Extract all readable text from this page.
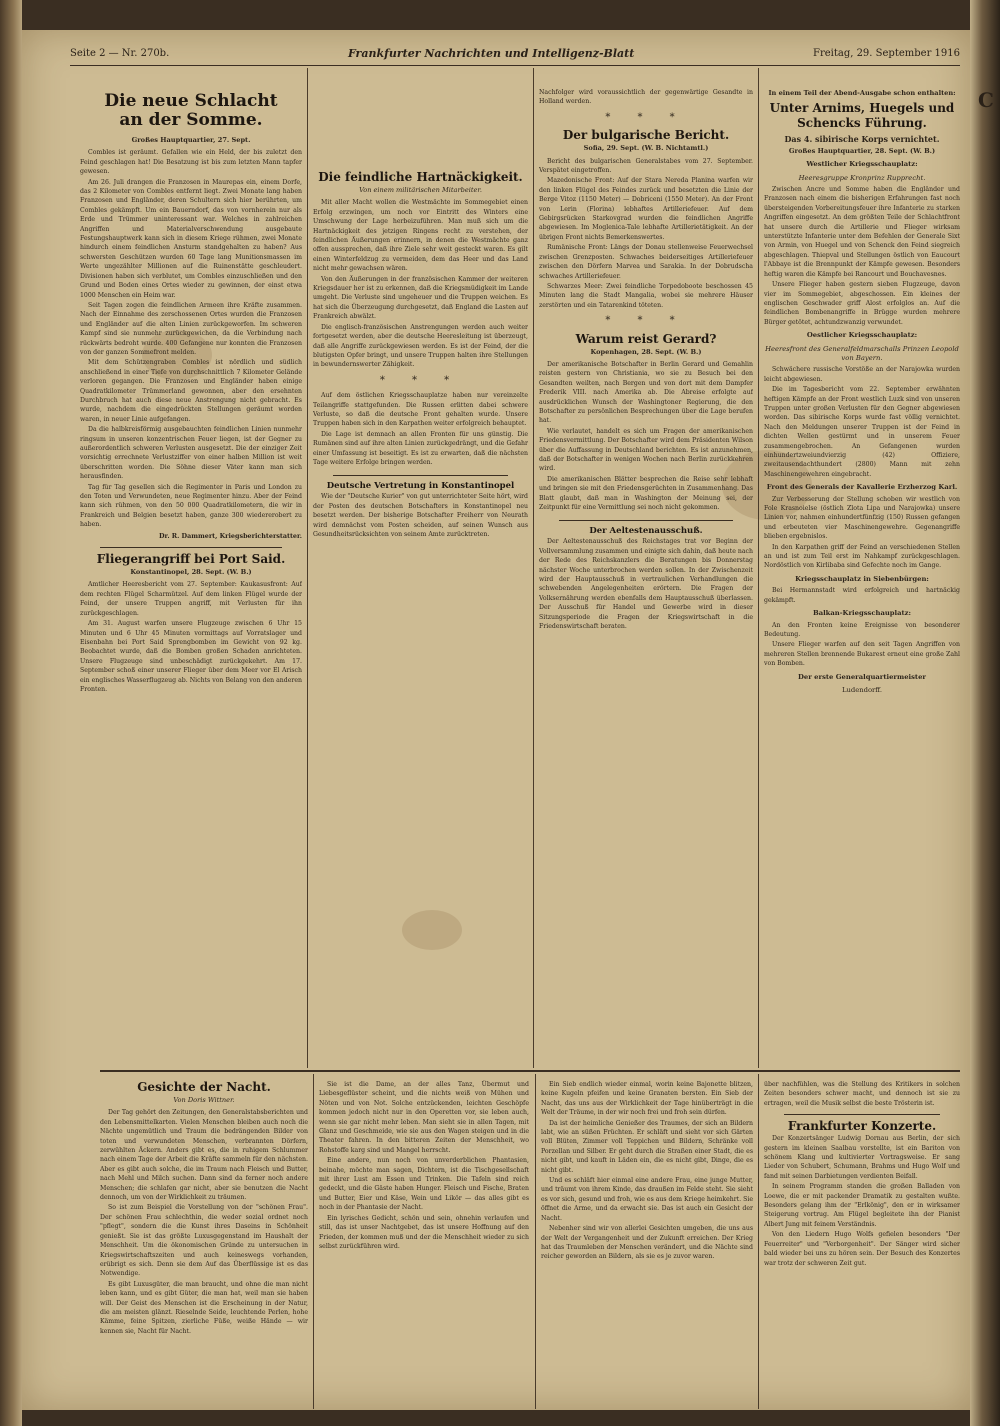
C
Seite 2 — Nr. 270b.	Frankfurter Nachrichten und Intelligenz-Blatt	Freitag, 29. September 1916
Die neue Schlacht
an der Somme.
Großes Hauptquartier, 27. Sept.

Combles ist geräumt. Gefallen wie ein Held, der bis zuletzt den Feind geschlagen hat! Die Besatzung ist bis zum letzten Mann tapfer gewesen.

Am 26. Juli drangen die Franzosen in Maurepas ein, einem Dorfe, das 2 Kilometer von Combles entfernt liegt. Zwei Monate lang haben Franzosen und Engländer, deren Schultern sich hier berührten, um Combles gekämpft. Um ein Bauerndorf, das von vornherein nur als Erde und Trümmer uninteressant war. Welches in zahlreichen Angriffen und Materialverschwendung ausgebaute Festungshauptwerk kann sich in diesem Kriege rühmen, zwei Monate hindurch einem feindlichen Ansturm standgehalten zu haben? Aus schwersten Geschützen wurden 60 Tage lang Munitionsmassen im Werte ungezählter Millionen auf die Ruinenstätte geschleudert. Divisionen haben sich verblutet, um Combles einzuschließen und den Grund und Boden eines Ortes wieder zu gewinnen, der einst etwa 1000 Menschen ein Heim war.

Seit Tagen zogen die feindlichen Armeen ihre Kräfte zusammen. Nach der Einnahme des zerschossenen Ortes wurden die Franzosen und Engländer auf die alten Linien zurückgeworfen. Im schweren Kampf sind sie nunmehr zurückgewichen, da die Verbindung nach rückwärts bedroht wurde. 400 Gefangene nur konnten die Franzosen von der ganzen Sommefront melden.

Mit dem Schützengraben Combles ist nördlich und südlich anschließend in einer Tiefe von durchschnittlich 7 Kilometer Gelände verloren gegangen. Die Franzosen und Engländer haben einige Quadratkilometer Trümmerland gewonnen, aber den ersehnten Durchbruch hat auch diese neue Anstrengung nicht gebracht. Es wurde, nachdem die eingedrückten Stellungen geräumt worden waren, in neuer Linie aufgefangen.

Da die halbkreisförmig ausgebauchten feindlichen Linien nunmehr ringsum in unseren konzentrischen Feuer liegen, ist der Gegner zu außerordentlich schweren Verlusten ausgesetzt. Die der einziger Zeit vorsichtig errechnete Verlustziffer von einer halben Million ist weit überschritten worden. Die Söhne dieser Väter kann man sich herausfinden.

Tag für Tag gesellen sich die Regimenter in Paris und London zu den Toten und Verwundeten, neue Regimenter hinzu. Aber der Feind kann sich rühmen, von den 50 000 Quadratkilometern, die wir in Frankreich und Belgien besetzt haben, ganze 300 wiedererobert zu haben.

Dr. R. Dammert, Kriegsberichterstatter.
Fliegerangriff bei Port Said.
Konstantinopel, 28. Sept. (W. B.)

Amtlicher Heeresbericht vom 27. September: Kaukasusfront: Auf dem rechten Flügel Scharmützel. Auf dem linken Flügel wurde der Feind, der unsere Truppen angriff, mit Verlusten für ihn zurückgeschlagen.

Am 31. August warfen unsere Flugzeuge zwischen 6 Uhr 15 Minuten und 6 Uhr 45 Minuten vormittags auf Vorratslager und Eisenbahn bei Port Said Sprengbomben im Gewicht von 92 kg. Beobachtet wurde, daß die Bomben großen Schaden anrichteten. Unsere Flugzeuge sind unbeschädigt zurückgekehrt. Am 17. September schoß einer unserer Flieger über dem Meer vor El Arisch ein englisches Wasserflugzeug ab. Nichts von Belang von den anderen Fronten.

Die feindliche Hartnäckigkeit.
Von einem militärischen Mitarbeiter.

Mit aller Macht wollen die Westmächte im Sommegebiet einen Erfolg erzwingen, um noch vor Eintritt des Winters eine Umschwung der Lage herbeizuführen. Man muß sich um die Hartnäckigkeit des jetzigen Ringens recht zu verstehen, der feindlichen Äußerungen erinnern, in denen die Westmächte ganz offen aussprechen, daß ihre Ziele sehr weit gesteckt waren. Es gilt einen Winterfeldzug zu vermeiden, dem das Heer und das Land nicht mehr gewachsen wären.

Von den Äußerungen in der französischen Kammer der weiteren Kriegsdauer her ist zu erkennen, daß die Kriegsmüdigkeit im Lande umgeht. Die Verluste sind ungeheuer und die Truppen weichen. Es hat sich die Überzeugung durchgesetzt, daß England die Lasten auf Frankreich abwälzt.

Die englisch-französischen Anstrengungen werden auch weiter fortgesetzt werden, aber die deutsche Heeresleitung ist überzeugt, daß alle Angriffe zurückgewiesen werden. Es ist der Feind, der die blutigsten Opfer bringt, und unsere Truppen halten ihre Stellungen in bewundernswerter Zähigkeit.

* * *

Auf dem östlichen Kriegsschauplatze haben nur vereinzelte Teilangriffe stattgefunden. Die Russen erlitten dabei schwere Verluste, so daß die deutsche Front gehalten wurde. Unsere Truppen haben sich in den Karpathen weiter erfolgreich behauptet.

Die Lage ist demnach an allen Fronten für uns günstig. Die Rumänen sind auf ihre alten Linien zurückgedrängt, und die Gefahr einer Umfassung ist beseitigt. Es ist zu erwarten, daß die nächsten Tage weitere Erfolge bringen werden.

Deutsche Vertretung in Konstantinopel

Wie der "Deutsche Kurier" von gut unterrichteter Seite hört, wird der Posten des deutschen Botschafters in Konstantinopel neu besetzt werden. Der bisherige Botschafter Freiherr von Neurath wird demnächst vom Posten scheiden, auf seinen Wunsch aus Gesundheitsrücksichten von seinem Amte zurücktreten.

Nachfolger wird voraussichtlich der gegenwärtige Gesandte in Holland werden.

* * *
Der bulgarische Bericht.
Sofia, 29. Sept. (W. B. Nichtamtl.)

Bericht des bulgarischen Generalstabes vom 27. September. Verspätet eingetroffen.

Mazedonische Front: Auf der Stara Nereda Planina warfen wir den linken Flügel des Feindes zurück und besetzten die Linie der Berge Vitoz (1150 Meter) — Dobriceni (1550 Meter). An der Front von Lerin (Florina) lebhaftes Artilleriefeuer. Auf dem Gebirgsrücken Starkovgrad wurden die feindlichen Angriffe abgewiesen. Im Moglenica-Tale lebhafte Artillerietätigkeit. An der übrigen Front nichts Bemerkenswertes.

Rumänische Front: Längs der Donau stellenweise Feuerwechsel zwischen Grenzposten. Schwaches beiderseitiges Artilleriefeuer zwischen den Dörfern Marvea und Sarakia. In der Dobrudscha schwaches Artilleriefeuer.

Schwarzes Meer: Zwei feindliche Torpedoboote beschossen 45 Minuten lang die Stadt Mangalia, wobei sie mehrere Häuser zerstörten und ein Tatarenkind töteten.

* * *
Warum reist Gerard?
Kopenhagen, 28. Sept. (W. B.)

Der amerikanische Botschafter in Berlin Gerard und Gemahlin reisten gestern von Christiania, wo sie zu Besuch bei den Gesandten weilten, nach Bergen und von dort mit dem Dampfer Frederik VIII. nach Amerika ab. Die Abreise erfolgte auf ausdrücklichen Wunsch der Washingtoner Regierung, die den Botschafter zu persönlichen Besprechungen über die Lage berufen hat.

Wie verlautet, handelt es sich um Fragen der amerikanischen Friedensvermittlung. Der Botschafter wird dem Präsidenten Wilson über die Auffassung in Deutschland berichten. Es ist anzunehmen, daß der Botschafter in wenigen Wochen nach Berlin zurückkehren wird.

Die amerikanischen Blätter besprechen die Reise sehr lebhaft und bringen sie mit den Friedensgerüchten in Zusammenhang. Das Blatt glaubt, daß man in Washington der Meinung sei, der Zeitpunkt für eine Vermittlung sei noch nicht gekommen.

Der Aeltestenausschuß.

Der Aeltestenausschuß des Reichstages trat vor Beginn der Vollversammlung zusammen und einigte sich dahin, daß heute nach der Rede des Reichskanzlers die Beratungen bis Donnerstag nächster Woche unterbrochen werden sollen. In der Zwischenzeit wird der Hauptausschuß in vertraulichen Verhandlungen die schwebenden Angelegenheiten erörtern. Die Fragen der Volksernährung werden ebenfalls dem Hauptausschuß überlassen. Der Ausschuß für Handel und Gewerbe wird in dieser Sitzungsperiode die Fragen der Kriegswirtschaft in die Friedenswirtschaft beraten.

In einem Teil der Abend-Ausgabe schon enthalten:
Unter Arnims, Huegels und Schencks Führung.
Das 4. sibirische Korps vernichtet.
Großes Hauptquartier, 28. Sept. (W. B.)
Westlicher Kriegsschauplatz:
Heeresgruppe Kronprinz Rupprecht.

Zwischen Ancre und Somme haben die Engländer und Franzosen nach einem die bisherigen Erfahrungen fast noch übersteigenden Vorbereitungsfeuer ihre Infanterie zu starken Angriffen eingesetzt. An dem größten Teile der Schlachtfront hat unsere durch die Artillerie und Flieger wirksam unterstützte Infanterie unter dem Befehlen der Generale Sixt von Armin, von Huegel und von Schenck den Feind siegreich abgeschlagen. Thiepval und Stellungen östlich von Eaucourt l'Abbaye ist die Brennpunkt der Kämpfe gewesen. Besonders heftig waren die Kämpfe bei Rancourt und Bouchavesnes.

Unsere Flieger haben gestern sieben Flugzeuge, davon vier im Sommegebiet, abgeschossen. Ein kleines der englischen Geschwader griff Alost erfolglos an. Auf die feindlichen Bombenangriffe in Brügge wurden mehrere Bürger getötet, achtundzwanzig verwundet.

Oestlicher Kriegsschauplatz:
Heeresfront des Generalfeldmarschalls Prinzen Leopold von Bayern.

Schwächere russische Vorstöße an der Narajowka wurden leicht abgewiesen.

Die im Tagesbericht vom 22. September erwähnten heftigen Kämpfe an der Front westlich Luzk sind von unseren Truppen unter großen Verlusten für den Gegner abgewiesen worden. Das sibirische Korps wurde fast völlig vernichtet. Nach den Meldungen unserer Truppen ist der Feind in dichten Wellen gestürmt und in unserem Feuer zusammengebrochen. An Gefangenen wurden einhundertzweiundvierzig (42) Offiziere, zweitausendachthundert (2800) Mann mit zehn Maschinengewehren eingebracht.

Front des Generals der Kavallerie Erzherzog Karl.

Zur Verbesserung der Stellung schoben wir westlich von Fole Krasnoielse (östlich Zlota Lipa und Narajowka) unsere Linien vor, nahmen einhundertfünfzig (150) Russen gefangen und erbeuteten vier Maschinengewehre. Gegenangriffe blieben ergebnislos.

In den Karpathen griff der Feind an verschiedenen Stellen an und ist zum Teil erst im Nahkampf zurückgeschlagen. Nordöstlich von Kirlibaba sind Gefechte noch im Gange.

Kriegsschauplatz in Siebenbürgen:

Bei Hermannstadt wird erfolgreich und hartnäckig gekämpft.

Balkan-Kriegsschauplatz:

An den Fronten keine Ereignisse von besonderer Bedeutung.

Unsere Flieger warfen auf den seit Tagen Angriffen von mehreren Stellen brennende Bukarest erneut eine große Zahl von Bomben.

Der erste Generalquartiermeister
Ludendorff.
Gesichte der Nacht.
Von Doris Wittner.

Der Tag gehört den Zeitungen, den Generalstabsberichten und den Lebensmittelkarten. Vielen Menschen bleiben auch noch die Nächte ungemütlich und Traum die bedrängenden Bilder von toten und verwundeten Menschen, verbrannten Dörfern, zerwühlten Äckern. Anders gibt es, die in ruhigem Schlummer nach einem Tage der Arbeit die Kräfte sammeln für den nächsten. Aber es gibt auch solche, die im Traum nach Fleisch und Butter, nach Mehl und Milch suchen. Dann sind da ferner noch andere Menschen; die schlafen gar nicht, aber sie benutzen die Nacht dennoch, um von der Wirklichkeit zu träumen.

So ist zum Beispiel die Vorstellung von der "schönen Frau". Der schönen Frau schlechthin, die weder sozial ordnet noch "pflegt", sondern die die Kunst ihres Daseins in Schönheit genießt. Sie ist das größte Luxusgegenstand im Haushalt der Menschheit. Um die ökonomischen Gründe zu untersuchen in Kriegswirtschaftszeiten und auch keineswegs vorhanden, erübrigt es sich. Denn sie dem Auf das Überflüssige ist es das Notwendige.

Es gibt Luxusgüter, die man braucht, und ohne die man nicht leben kann, und es gibt Güter, die man hat, weil man sie haben will. Der Geist des Menschen ist die Erscheinung in der Natur, die am meisten glänzt. Rieselnde Seide, leuchtende Perlen, hohe Kämme, feine Spitzen, zierliche Füße, weiße Hände — wir kennen sie, Nacht für Nacht.

Sie ist die Dame, an der alles Tanz, Übermut und Liebesgeflüster scheint, und die nichts weiß von Mühen und Nöten und von Not. Solche entzückenden, leichten Geschöpfe kommen jedoch nicht nur in den Operetten vor, sie leben auch, wenn sie gar nicht mehr leben. Man sieht sie in allen Tagen, mit Glanz und Geschmeide, wie sie aus den Wagen steigen und in die Theater fahren. In den bitteren Zeiten der Menschheit, wo Rohstoffe karg sind und Mangel herrscht.

Eine andere, nun noch von unverderblichen Phantasien, beinahe, möchte man sagen, Dichtern, ist die Tischgesellschaft mit ihrer Lust am Essen und Trinken. Die Tafeln sind reich gedeckt, und die Gäste haben Hunger. Fleisch und Fische, Braten und Butter, Eier und Käse, Wein und Likör — das alles gibt es noch in der Phantasie der Nacht.

Ein lyrisches Gedicht, schön und sein, ohnehin verlaufen und still, das ist unser Nachtgebet, das ist unsere Hoffnung auf den Frieden, der kommen muß und der die Menschheit wieder zu sich selbst zurückführen wird.

Ein Sieb endlich wieder einmal, worin keine Bajonette blitzen, keine Kugeln pfeifen und keine Granaten bersten. Ein Sieb der Nacht, das uns aus der Wirklichkeit der Tage hinüberträgt in die Welt der Träume, in der wir noch frei und froh sein dürfen.

Da ist der heimliche Genießer des Traumes, der sich an Bildern labt, wie an süßen Früchten. Er schläft und sieht vor sich Gärten voll Blüten, Zimmer voll Teppichen und Bildern, Schränke voll Porzellan und Silber. Er geht durch die Straßen einer Stadt, die es nicht gibt, und kauft in Läden ein, die es nicht gibt, Dinge, die es nicht gibt.

Und es schläft hier einmal eine andere Frau, eine junge Mutter, und träumt von ihrem Kinde, das draußen im Felde steht. Sie sieht es vor sich, gesund und froh, wie es aus dem Kriege heimkehrt. Sie öffnet die Arme, und da erwacht sie. Das ist auch ein Gesicht der Nacht.

Nebenher sind wir von allerlei Gesichten umgeben, die uns aus der Welt der Vergangenheit und der Zukunft erreichen. Der Krieg hat das Traumleben der Menschen verändert, und die Nächte sind reicher geworden an Bildern, als sie es je zuvor waren.

über nachfühlen, was die Stellung des Kritikers in solchen Zeiten besonders schwer macht, und dennoch ist sie zu ertragen, weil die Musik selbst die beste Trösterin ist.

Frankfurter Konzerte.

Der Konzertsänger Ludwig Dornau aus Berlin, der sich gestern im kleinen Saalbau vorstellte, ist ein Bariton von schönem Klang und kultivierter Vortragsweise. Er sang Lieder von Schubert, Schumann, Brahms und Hugo Wolf und fand mit seinen Darbietungen verdienten Beifall.

In seinem Programm standen die großen Balladen von Loewe, die er mit packender Dramatik zu gestalten wußte. Besonders gelang ihm der "Erlkönig", den er in wirksamer Steigerung vortrug. Am Flügel begleitete ihn der Pianist Albert Jung mit feinem Verständnis.

Von den Liedern Hugo Wolfs gefielen besonders "Der Feuerreiter" und "Verborgenheit". Der Sänger wird sicher bald wieder bei uns zu hören sein. Der Besuch des Konzertes war trotz der schweren Zeit gut.
